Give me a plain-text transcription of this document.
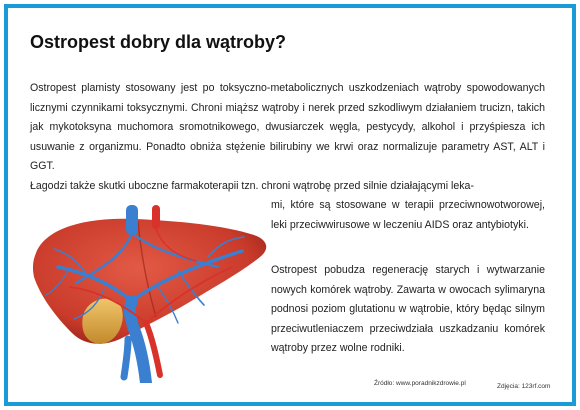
Ostropest dobry dla wątroby?

Ostropest plamisty stosowany jest po toksyczno-metabolicznych uszkodzeniach wątroby spowodowanych licznymi czynnikami toksycznymi. Chroni miąższ wątroby i nerek przed szkodliwym działaniem trucizn, takich jak mykotoksyna muchomora sromotnikowego, dwusiarczek węgla, pestycydy, alkohol i przyśpiesza ich usuwanie z organizmu. Ponadto obniża stężenie bilirubiny we krwi oraz normalizuje parametry AST, ALT i GGT.

Łagodzi także skutki uboczne farmakoterapii tzn. chroni wątrobę przed silnie działającymi leka-

mi, które są stosowane w terapii przeciwnowotworowej, leki przeciwwirusowe w leczeniu AIDS oraz antybiotyki.

Ostropest pobudza regenerację starych i wytwarzanie nowych komórek wątroby. Zawarta w owocach sylimaryna podnosi poziom glutationu w wątrobie, który będąc silnym przeciwutleniaczem przeciwdziała uszkadzaniu komórek wątroby przez wolne rodniki.

Źródło: www.poradnikzdrowie.pl	Zdjęcia: 123rf.com
